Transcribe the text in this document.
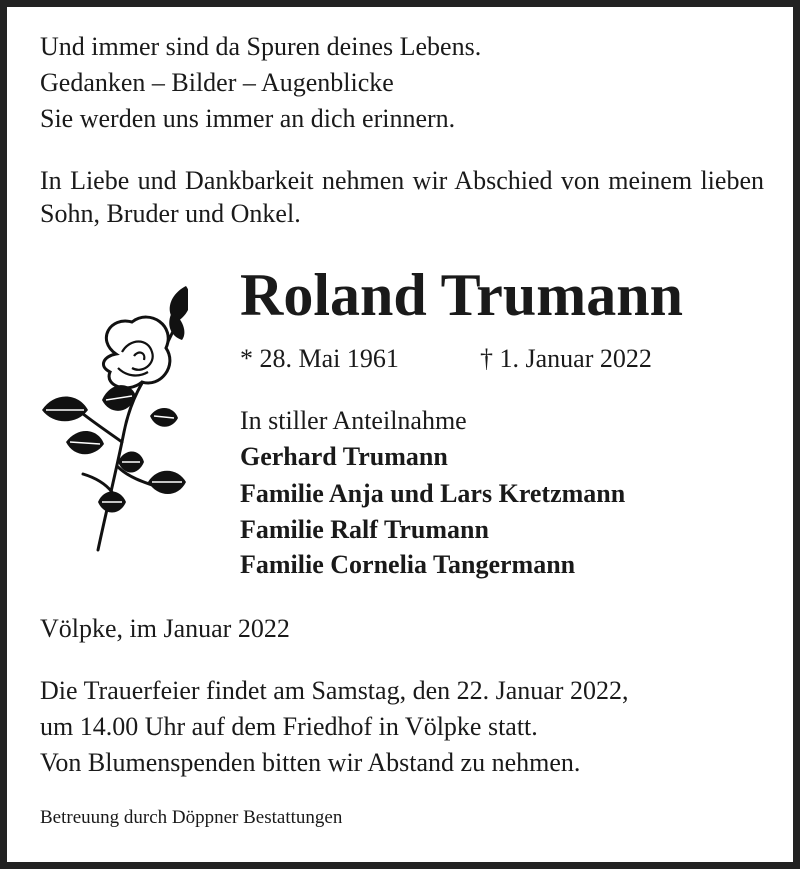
Und immer sind da Spuren deines Lebens.
Gedanken – Bilder – Augenblicke
Sie werden uns immer an dich erinnern.
In Liebe und Dankbarkeit nehmen wir Abschied von meinem lieben Sohn, Bruder und Onkel.
Roland Trumann
* 28. Mai 1961	† 1. Januar 2022
In stiller Anteilnahme
Gerhard Trumann
Familie Anja und Lars Kretzmann
Familie Ralf Trumann
Familie Cornelia Tangermann
Völpke, im Januar 2022
Die Trauerfeier findet am Samstag, den 22. Januar 2022,
um 14.00 Uhr auf dem Friedhof in Völpke statt.
Von Blumenspenden bitten wir Abstand zu nehmen.
Betreuung durch Döppner Bestattungen
